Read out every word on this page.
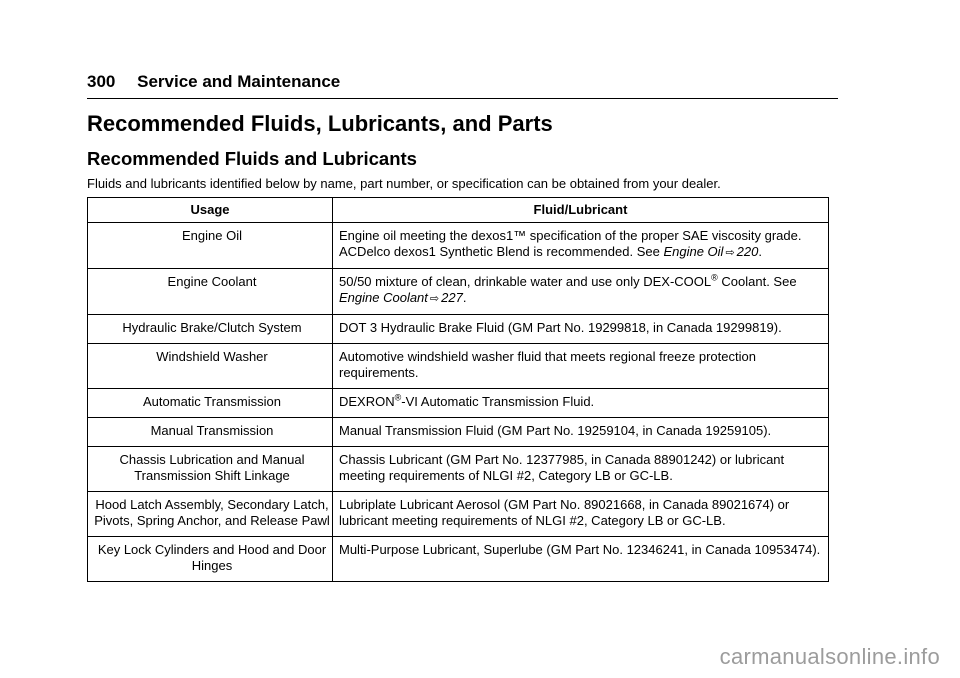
300 Service and Maintenance
Recommended Fluids, Lubricants, and Parts
Recommended Fluids and Lubricants

Fluids and lubricants identified below by name, part number, or specification can be obtained from your dealer.

Usage	Fluid/Lubricant
Engine Oil	Engine oil meeting the dexos1™ specification of the proper SAE viscosity grade. ACDelco dexos1 Synthetic Blend is recommended. See Engine Oil ⇨ 220.
Engine Coolant	50/50 mixture of clean, drinkable water and use only DEX-COOL® Coolant. See Engine Coolant ⇨ 227.
Hydraulic Brake/Clutch System	DOT 3 Hydraulic Brake Fluid (GM Part No. 19299818, in Canada 19299819).
Windshield Washer	Automotive windshield washer fluid that meets regional freeze protection requirements.
Automatic Transmission	DEXRON®-VI Automatic Transmission Fluid.
Manual Transmission	Manual Transmission Fluid (GM Part No. 19259104, in Canada 19259105).
Chassis Lubrication and Manual Transmission Shift Linkage	Chassis Lubricant (GM Part No. 12377985, in Canada 88901242) or lubricant meeting requirements of NLGI #2, Category LB or GC-LB.
Hood Latch Assembly, Secondary Latch, Pivots, Spring Anchor, and Release Pawl	Lubriplate Lubricant Aerosol (GM Part No. 89021668, in Canada 89021674) or lubricant meeting requirements of NLGI #2, Category LB or GC-LB.
Key Lock Cylinders and Hood and Door Hinges	Multi-Purpose Lubricant, Superlube (GM Part No. 12346241, in Canada 10953474).
carmanualsonline.info
